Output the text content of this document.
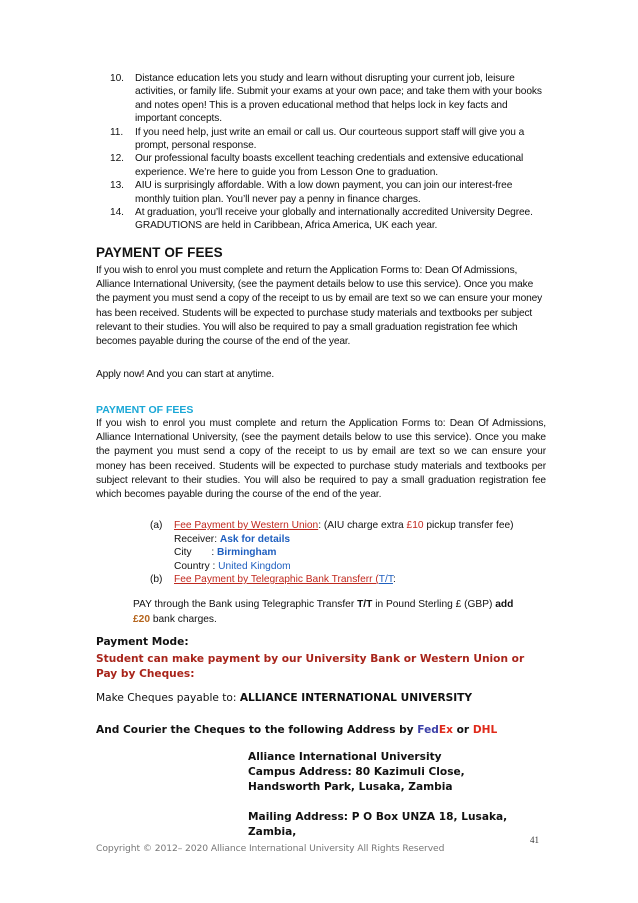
10. Distance education lets you study and learn without disrupting your current job, leisure activities, or family life. Submit your exams at your own pace; and take them with your books and notes open! This is a proven educational method that helps lock in key facts and important concepts.
11. If you need help, just write an email or call us. Our courteous support staff will give you a prompt, personal response.
12. Our professional faculty boasts excellent teaching credentials and extensive educational experience. We’re here to guide you from Lesson One to graduation.
13. AIU is surprisingly affordable. With a low down payment, you can join our interest-free monthly tuition plan. You’ll never pay a penny in finance charges.
14. At graduation, you’ll receive your globally and internationally accredited University Degree. GRADUTIONS are held in Caribbean, Africa America, UK each year.
PAYMENT OF FEES

If you wish to enrol you must complete and return the Application Forms to: Dean Of Admissions, Alliance International University, (see the payment details below to use this service). Once you make the payment you must send a copy of the receipt to us by email are text so we can ensure your money has been received. Students will be expected to purchase study materials and textbooks per subject relevant to their studies. You will also be required to pay a small graduation registration fee which becomes payable during the course of the end of the year.

Apply now! And you can start at anytime.

PAYMENT OF FEES

If you wish to enrol you must complete and return the Application Forms to: Dean Of Admissions, Alliance International University, (see the payment details below to use this service). Once you make the payment you must send a copy of the receipt to us by email are text so we can ensure your money has been received. Students will be expected to purchase study materials and textbooks per subject relevant to their studies. You will also be required to pay a small graduation registration fee which becomes payable during the course of the end of the year.

(a) Fee Payment by Western Union: (AIU charge extra £10 pickup transfer fee)
Receiver: Ask for details
City       : Birmingham
Country : United Kingdom
(b) Fee Payment by Telegraphic Bank Transferr (T/T:

PAY through the Bank using Telegraphic Transfer T/T in Pound Sterling £ (GBP) add
£20 bank charges.

Payment Mode:

Student can make payment by our University Bank or Western Union or Pay by Cheques:

Make Cheques payable to: ALLIANCE INTERNATIONAL UNIVERSITY

And Courier the Cheques to the following Address by FedEx or DHL

Alliance International University
Campus Address: 80 Kazimuli Close,
Handsworth Park, Lusaka, Zambia
Mailing Address: P O Box UNZA 18, Lusaka,
Zambia,
41
Copyright © 2012– 2020 Alliance International University All Rights Reserved
